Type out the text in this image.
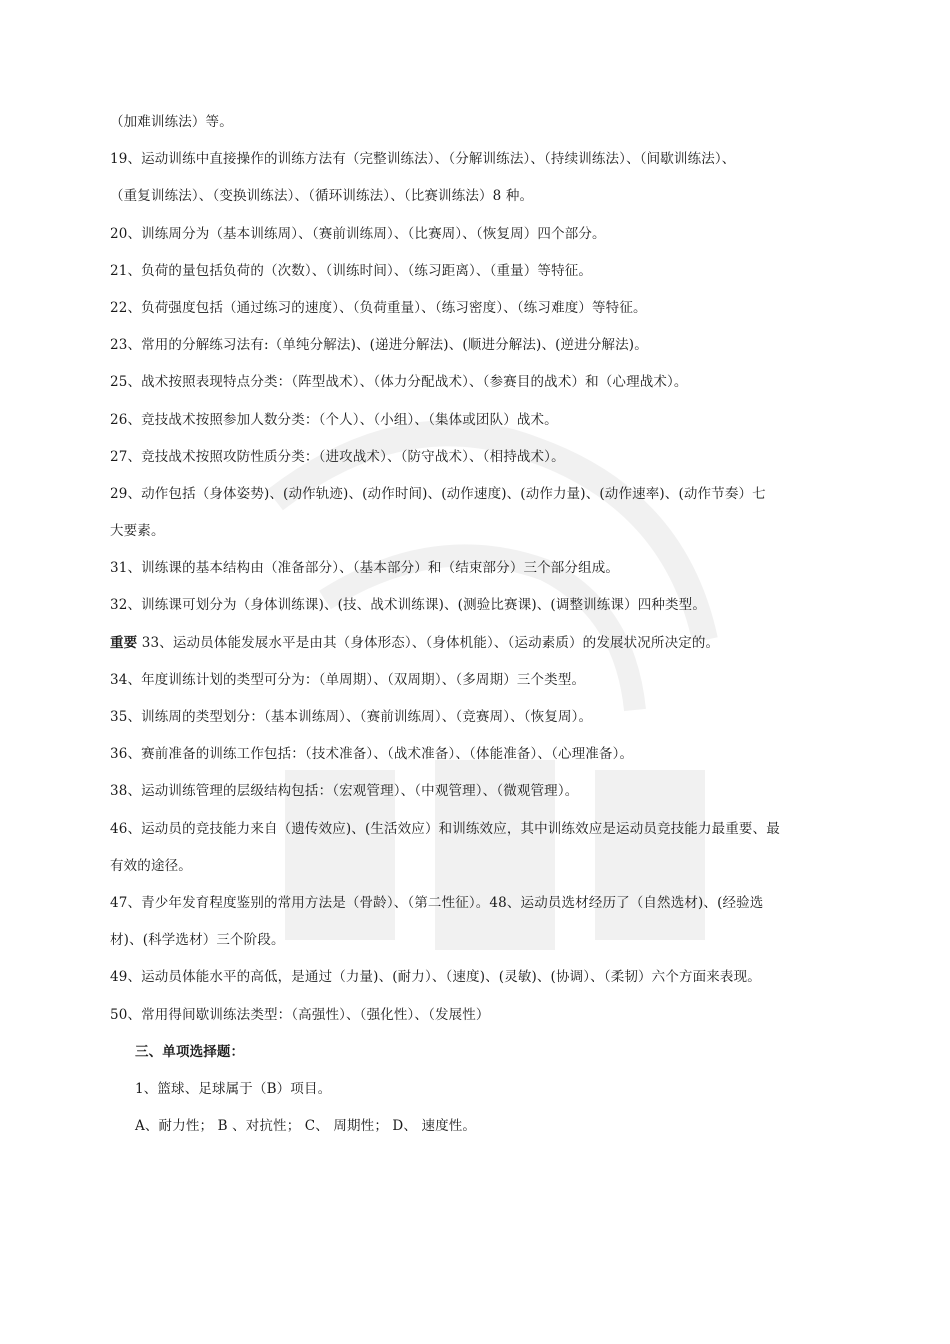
（加难训练法）等。
19、运动训练中直接操作的训练方法有（完整训练法）、（分解训练法）、（持续训练法）、（间歇训练法）、
（重复训练法）、（变换训练法）、（循环训练法）、（比赛训练法）8 种。
20、训练周分为（基本训练周）、（赛前训练周）、（比赛周）、（恢复周）四个部分。
21、负荷的量包括负荷的（次数）、（训练时间）、（练习距离）、（重量）等特征。
22、负荷强度包括（通过练习的速度）、（负荷重量）、（练习密度）、（练习难度）等特征。
23、常用的分解练习法有:（单纯分解法)、(递进分解法)、(顺进分解法)、(逆进分解法)。
25、战术按照表现特点分类：（阵型战术）、（体力分配战术）、（参赛目的战术）和（心理战术）。
26、竞技战术按照参加人数分类：（个人）、（小组）、（集体或团队）战术。
27、竞技战术按照攻防性质分类：（进攻战术）、（防守战术）、（相持战术）。
29、动作包括（身体姿势)、(动作轨迹)、(动作时间)、(动作速度)、(动作力量)、(动作速率)、(动作节奏）七
大要素。
31、训练课的基本结构由（准备部分）、（基本部分）和（结束部分）三个部分组成。
32、训练课可划分为（身体训练课)、(技、战术训练课)、(测验比赛课)、(调整训练课）四种类型。
重要 33、运动员体能发展水平是由其（身体形态）、（身体机能）、（运动素质）的发展状况所决定的。
34、年度训练计划的类型可分为：（单周期）、（双周期）、（多周期）三个类型。
35、训练周的类型划分：（基本训练周）、（赛前训练周）、（竞赛周）、（恢复周）。
36、赛前准备的训练工作包括：（技术准备）、（战术准备）、（体能准备）、（心理准备）。
38、运动训练管理的层级结构包括：（宏观管理）、（中观管理）、（微观管理）。
46、运动员的竞技能力来自（遗传效应)、(生活效应）和训练效应，其中训练效应是运动员竞技能力最重要、最
有效的途径。
47、青少年发育程度鉴别的常用方法是（骨龄）、（第二性征）。48、运动员选材经历了（自然选材)、(经验选
材)、(科学选材）三个阶段。
49、运动员体能水平的高低，是通过（力量)、(耐力）、（速度)、(灵敏)、(协调）、（柔韧）六个方面来表现。
50、常用得间歇训练法类型：（高强性）、（强化性）、（发展性）
三、单项选择题：
1、篮球、足球属于（B）项目。
A、耐力性； B 、对抗性； C、 周期性； D、 速度性。
